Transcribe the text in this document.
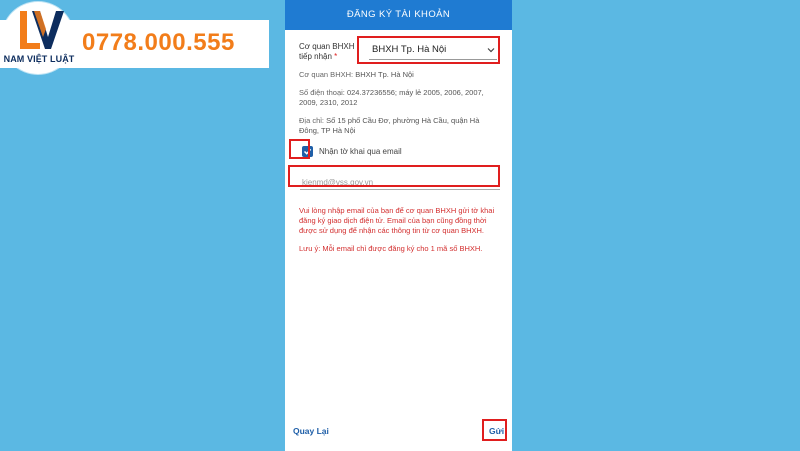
NAM VIỆT LUẬT
0778.000.555
ĐĂNG KÝ TÀI KHOẢN
Cơ quan BHXH
tiếp nhận *
BHXH Tp. Hà Nội
Cơ quan BHXH: BHXH Tp. Hà Nội
Số điện thoại: 024.37236556; máy lẻ 2005, 2006, 2007, 2009, 2310, 2012
Địa chỉ: Số 15 phố Cầu Đơ, phường Hà Cầu, quận Hà Đông, TP Hà Nội
Nhận tờ khai qua email
kienmd@vss.gov.vn
Vui lòng nhập email của bạn để cơ quan BHXH gửi tờ khai đăng ký giao dịch điện tử. Email của bạn cũng đồng thời được sử dụng để nhận các thông tin từ cơ quan BHXH.
Lưu ý: Mỗi email chỉ được đăng ký cho 1 mã số BHXH.
Quay Lại	Gửi
